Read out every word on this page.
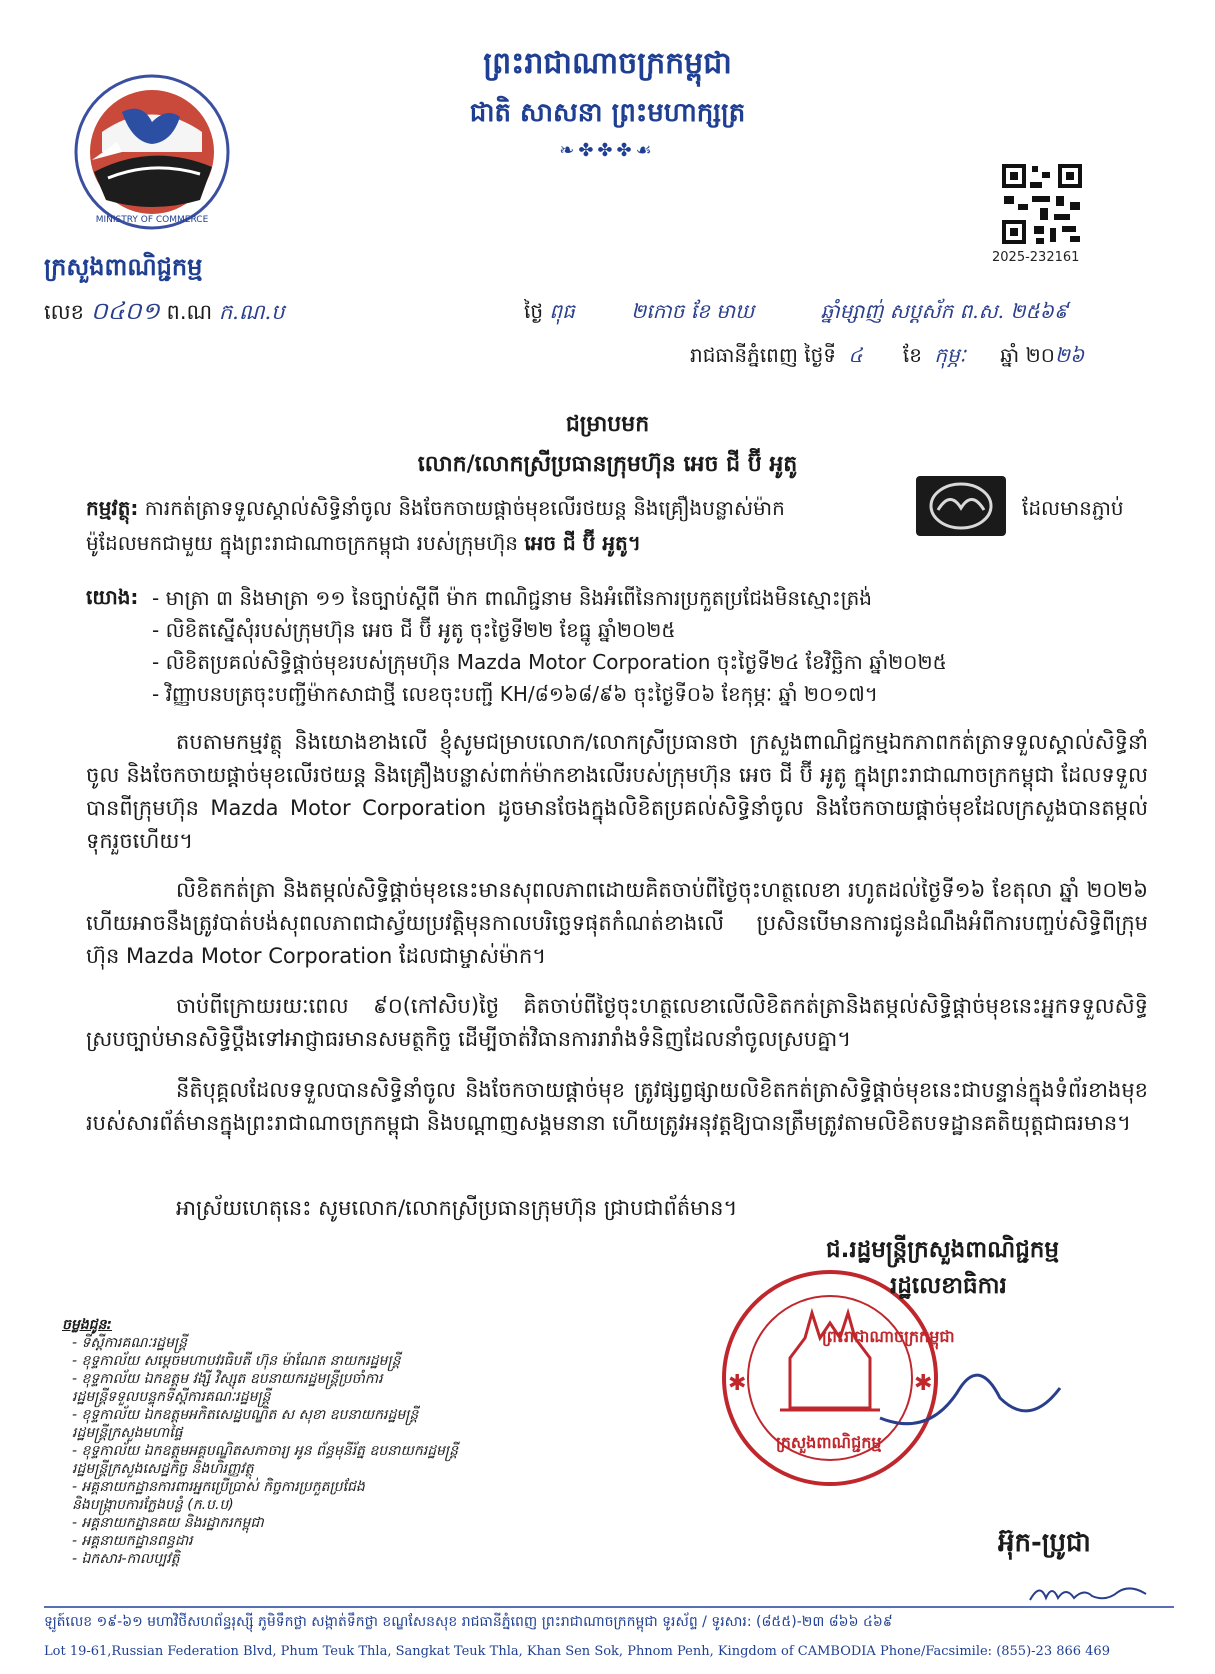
ព្រះរាជាណាចក្រកម្ពុជា
ជាតិ សាសនា ព្រះមហាក្សត្រ
❧✤✤✤☙
MINISTRY OF COMMERCE
ក្រសួងពាណិជ្ជកម្ម	2025-232161
លេខ ០៤០១ ព.ណ ក.ណ.ប	ថ្ងៃ ពុធ	២កោច ខែ មាឃ	ឆ្នាំម្សាញ់ សប្តស័ក ព.ស. ២៥៦៩
រាជធានីភ្នំពេញ ថ្ងៃទី ៤ ខែ កុម្ភៈ ឆ្នាំ ២០២៦
ជម្រាបមក
លោក/លោកស្រីប្រធានក្រុមហ៊ុន អេច ជី ប៊ី អូតូ
កម្មវត្ថុ: ការកត់ត្រាទទួលស្គាល់សិទ្ធិនាំចូល និងចែកចាយផ្តាច់មុខលើរថយន្ត និងគ្រឿងបន្លាស់ម៉ាក	ដែលមានភ្ជាប់
ម៉ូដែលមកជាមួយ ក្នុងព្រះរាជាណាចក្រកម្ពុជា របស់ក្រុមហ៊ុន អេច ជី ប៊ី អូតូ។
យោង: - មាត្រា ៣ និងមាត្រា ១១ នៃច្បាប់ស្តីពី ម៉ាក ពាណិជ្ជនាម និងអំពើនៃការប្រកួតប្រជែងមិនស្មោះត្រង់
- លិខិតស្នើសុំរបស់ក្រុមហ៊ុន អេច ជី ប៊ី អូតូ ចុះថ្ងៃទី២២ ខែធ្នូ ឆ្នាំ២០២៥
- លិខិតប្រគល់សិទ្ធិផ្តាច់មុខរបស់ក្រុមហ៊ុន Mazda Motor Corporation ចុះថ្ងៃទី២៤ ខែវិច្ឆិកា ឆ្នាំ២០២៥
- វិញ្ញាបនបត្រចុះបញ្ជីម៉ាកសាជាថ្មី លេខចុះបញ្ជី KH/៨១៦៨/៩៦ ចុះថ្ងៃទី០៦ ខែកុម្ភៈ ឆ្នាំ ២០១៧។
តបតាមកម្មវត្ថុ និងយោងខាងលើ ខ្ញុំសូមជម្រាបលោក/លោកស្រីប្រធានថា ក្រសួងពាណិជ្ជកម្មឯកភាពកត់ត្រាទទួលស្គាល់សិទ្ធិនាំចូល និងចែកចាយផ្តាច់មុខលើរថយន្ត និងគ្រឿងបន្លាស់ពាក់ម៉ាកខាងលើរបស់ក្រុមហ៊ុន អេច ជី ប៊ី អូតូ ក្នុងព្រះរាជាណាចក្រកម្ពុជា ដែលទទួលបានពីក្រុមហ៊ុន Mazda Motor Corporation ដូចមានចែងក្នុងលិខិតប្រគល់សិទ្ធិនាំចូល និងចែកចាយផ្តាច់មុខដែលក្រសួងបានតម្កល់ទុករួចហើយ។
លិខិតកត់ត្រា និងតម្កល់សិទ្ធិផ្តាច់មុខនេះមានសុពលភាពដោយគិតចាប់ពីថ្ងៃចុះហត្ថលេខា រហូតដល់ថ្ងៃទី១៦ ខែតុលា ឆ្នាំ ២០២៦ ហើយអាចនឹងត្រូវបាត់បង់សុពលភាពជាស្វ័យប្រវត្តិមុនកាលបរិច្ឆេទផុតកំណត់ខាងលើ ប្រសិនបើមានការជូនដំណឹងអំពីការបញ្ចប់សិទ្ធិពីក្រុមហ៊ុន Mazda Motor Corporation ដែលជាម្ចាស់ម៉ាក។
ចាប់ពីក្រោយរយៈពេល ៩០(កៅសិប)ថ្ងៃ គិតចាប់ពីថ្ងៃចុះហត្ថលេខាលើលិខិតកត់ត្រានិងតម្កល់សិទ្ធិផ្តាច់មុខនេះអ្នកទទួលសិទ្ធិស្របច្បាប់មានសិទ្ធិប្តឹងទៅអាជ្ញាធរមានសមត្ថកិច្ច ដើម្បីចាត់វិធានការរារាំងទំនិញដែលនាំចូលស្របគ្នា។
នីតិបុគ្គលដែលទទួលបានសិទ្ធិនាំចូល និងចែកចាយផ្តាច់មុខ ត្រូវផ្សព្វផ្សាយលិខិតកត់ត្រាសិទ្ធិផ្តាច់មុខនេះជាបន្ទាន់ក្នុងទំព័រខាងមុខរបស់សារព័ត៌មានក្នុងព្រះរាជាណាចក្រកម្ពុជា និងបណ្តាញសង្គមនានា ហើយត្រូវអនុវត្តឱ្យបានត្រឹមត្រូវតាមលិខិតបទដ្ឋានគតិយុត្តជាធរមាន។
អាស្រ័យហេតុនេះ សូមលោក/លោកស្រីប្រធានក្រុមហ៊ុន ជ្រាបជាព័ត៌មាន។
✱	✱
ជ.រដ្ឋមន្ត្រីក្រសួងពាណិជ្ជកម្ម
រដ្ឋលេខាធិការ
ព្រះរាជាណាចក្រកម្ពុជា
ក្រសួងពាណិជ្ជកម្ម
អ៊ុក-ប្រូជា
ចម្លងជូន:
- ទីស្តីការគណៈរដ្ឋមន្ត្រី
- ខុទ្ទកាល័យ សម្តេចមហាបវរធិបតី ហ៊ុន ម៉ាណែត នាយករដ្ឋមន្ត្រី
- ខុទ្ទកាល័យ ឯកឧត្តម វង្សី វិស្សុត ឧបនាយករដ្ឋមន្ត្រីប្រចាំការ
រដ្ឋមន្ត្រីទទួលបន្ទុកទីស្តីការគណៈរដ្ឋមន្ត្រី
- ខុទ្ទកាល័យ ឯកឧត្តមអកិតសេដ្ឋបណ្ឌិត ស សុខា ឧបនាយករដ្ឋមន្ត្រី
រដ្ឋមន្ត្រីក្រសួងមហាផ្ទៃ
- ខុទ្ទកាល័យ ឯកឧត្តមអគ្គបណ្ឌិតសភាចារ្យ អូន ព័ន្ធមុនីរ័ត្ន ឧបនាយករដ្ឋមន្ត្រី
រដ្ឋមន្ត្រីក្រសួងសេដ្ឋកិច្ច និងហិរញ្ញវត្ថុ
- អគ្គនាយកដ្ឋានការពារអ្នកប្រើប្រាស់ កិច្ចការប្រកួតប្រជែង
និងបង្ក្រាបការក្លែងបន្លំ (ក.ប.ប)
- អគ្គនាយកដ្ឋានគយ និងរដ្ឋាករកម្ពុជា
- អគ្គនាយកដ្ឋានពន្ធដារ
- ឯកសារ-កាលប្បវត្តិ
ឡូត៍លេខ ១៩-៦១ មហាវិថីសហព័ន្ធរុស្ស៊ី ភូមិទឹកថ្លា សង្កាត់ទឹកថ្លា ខណ្ឌសែនសុខ រាជធានីភ្នំពេញ ព្រះរាជាណាចក្រកម្ពុជា ទូរស័ព្ទ / ទូរសារ: (៨៥៥)-២៣ ៨៦៦ ៤៦៩
Lot 19-61,Russian Federation Blvd, Phum Teuk Thla, Sangkat Teuk Thla, Khan Sen Sok, Phnom Penh, Kingdom of CAMBODIA Phone/Facsimile: (855)-23 866 469
